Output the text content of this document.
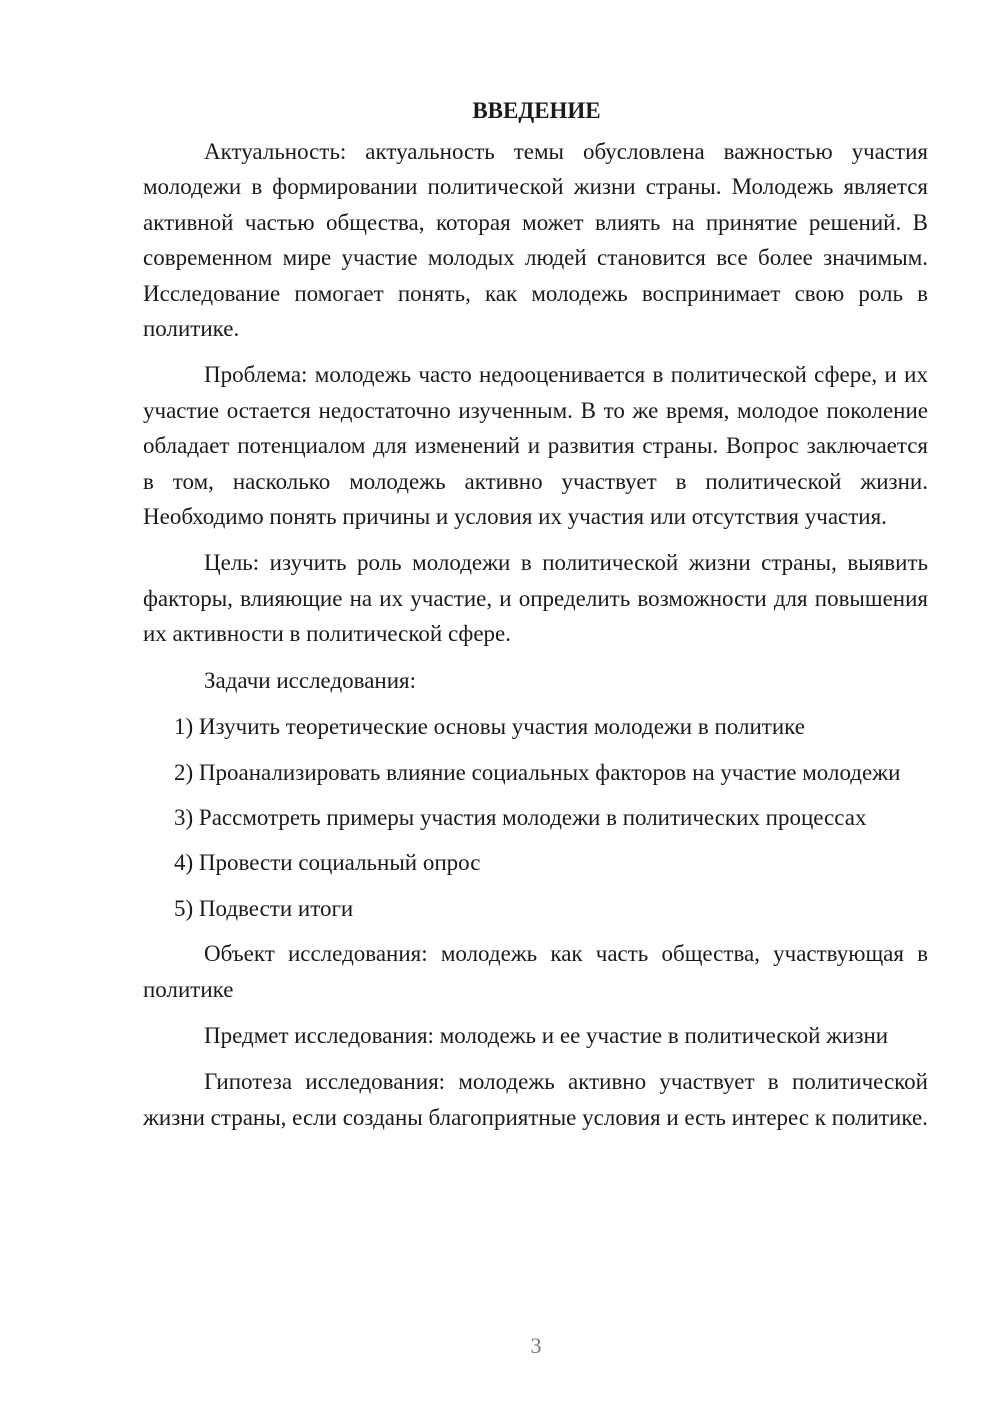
ВВЕДЕНИЕ

Актуальность: актуальность темы обусловлена важностью участия молодежи в формировании политической жизни страны. Молодежь является активной частью общества, которая может влиять на принятие решений. В современном мире участие молодых людей становится все более значимым. Исследование помогает понять, как молодежь воспринимает свою роль в политике.

Проблема: молодежь часто недооценивается в политической сфере, и их участие остается недостаточно изученным. В то же время, молодое поколение обладает потенциалом для изменений и развития страны. Вопрос заключается в том, насколько молодежь активно участвует в политической жизни. Необходимо понять причины и условия их участия или отсутствия участия.

Цель: изучить роль молодежи в политической жизни страны, выявить факторы, влияющие на их участие, и определить возможности для повышения их активности в политической сфере.

Задачи исследования:

1) Изучить теоретические основы участия молодежи в политике

2) Проанализировать влияние социальных факторов на участие молодежи

3) Рассмотреть примеры участия молодежи в политических процессах

4) Провести социальный опрос

5) Подвести итоги

Объект исследования: молодежь как часть общества, участвующая в политике

Предмет исследования: молодежь и ее участие в политической жизни

Гипотеза исследования: молодежь активно участвует в политической жизни страны, если созданы благоприятные условия и есть интерес к политике.

3
